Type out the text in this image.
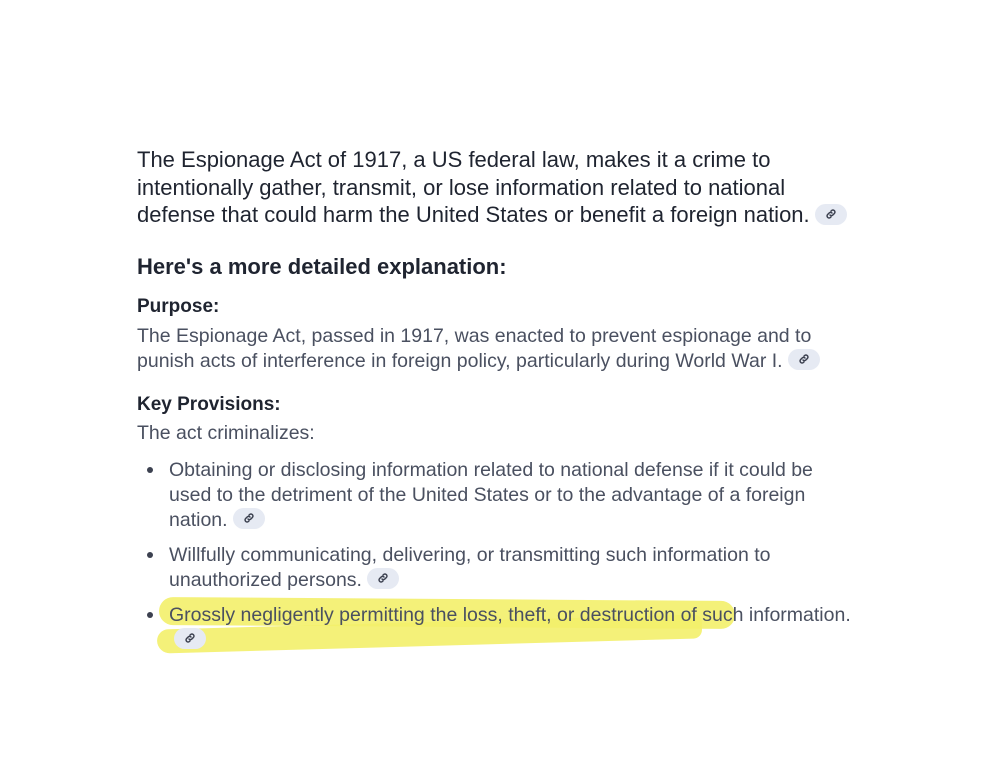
The Espionage Act of 1917, a US federal law, makes it a crime to intentionally gather, transmit, or lose information related to national defense that could harm the United States or benefit a foreign nation.

Here's a more detailed explanation:
Purpose:

The Espionage Act, passed in 1917, was enacted to prevent espionage and to punish acts of interference in foreign policy, particularly during World War I.

Key Provisions:

The act criminalizes:

Obtaining or disclosing information related to national defense if it could be used to the detriment of the United States or to the advantage of a foreign nation.
Willfully communicating, delivering, or transmitting such information to unauthorized persons.
Grossly negligently permitting the loss, theft, or destruction of such information.
